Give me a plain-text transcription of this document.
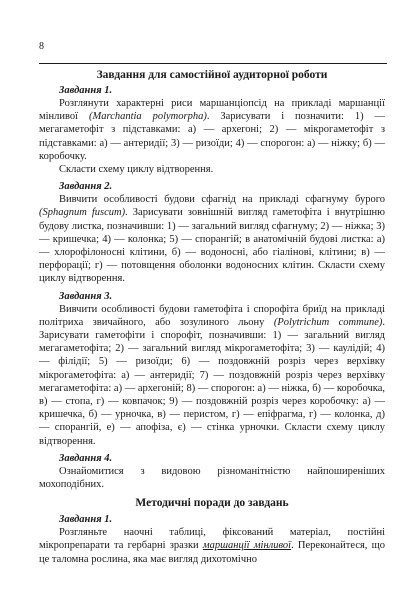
8
Завдання для самостійної аудиторної роботи
Завдання 1.

Розглянути характерні риси маршанціопсід на прикладі маршанції мінливої (Marchantia polymorpha). Зарисувати і позначити: 1) — мегагаметофіт з підставками: а) — архегоні; 2) — мікрогаметофіт з підставками: а) — антеридії; 3) — ризоїди; 4) — спорогон: а) — ніжку; б) — коробочку.

Скласти схему циклу відтворення.

Завдання 2.

Вивчити особливості будови сфагнід на прикладі сфагнуму бурого (Sphagnum fuscum). Зарисувати зовнішній вигляд гаметофіта і внутрішню будову листка, позначивши: 1) — загальний вигляд сфагнуму; 2) — ніжка; 3) — кришечка; 4) — колонка; 5) — спорангій; в анатомічній будові листка: а) — хлорофілоносні клітини, б) — водоносні, або гіалінові, клітини; в) — перфорації; г) — потовщення оболонки водоносних клітин. Скласти схему циклу відтворення.

Завдання 3.

Вивчити особливості будови гаметофіта і спорофіта бриїд на прикладі політриха звичайного, або зозулиного льону (Polytrichum commune). Зарисувати гаметофіти і спорофіт, позначивши: 1) — загальний вигляд мегагаметофіта; 2) — загальний вигляд мікрогаметофіта; 3) — каулідій; 4) — філідії; 5) — ризоїди; 6) — поздовжній розріз через верхівку мікрогаметофіта: а) — антеридії; 7) — поздовжній розріз через верхівку мегагаметофіта: а) — архегоній; 8) — спорогон: а) — ніжка, б) — коробочка, в) — стопа, г) — ковпачок; 9) — поздовжній розріз через коробочку: а) — кришечка, б) — урночка, в) — перистом, г) — епіфрагма, г) — колонка, д) — спорангій, е) — апофіза, є) — стінка урночки. Скласти схему циклу відтворення.

Завдання 4.

Ознайомитися з видовою різноманітністю найпоширеніших мохоподібних.

Методичні поради до завдань
Завдання 1.

Розгляньте наочні таблиці, фіксований матеріал, постійні мікропрепарати та гербарні зразки маршанції мінливої. Переконайтеся, що це таломна рослина, яка має вигляд дихотомічно
